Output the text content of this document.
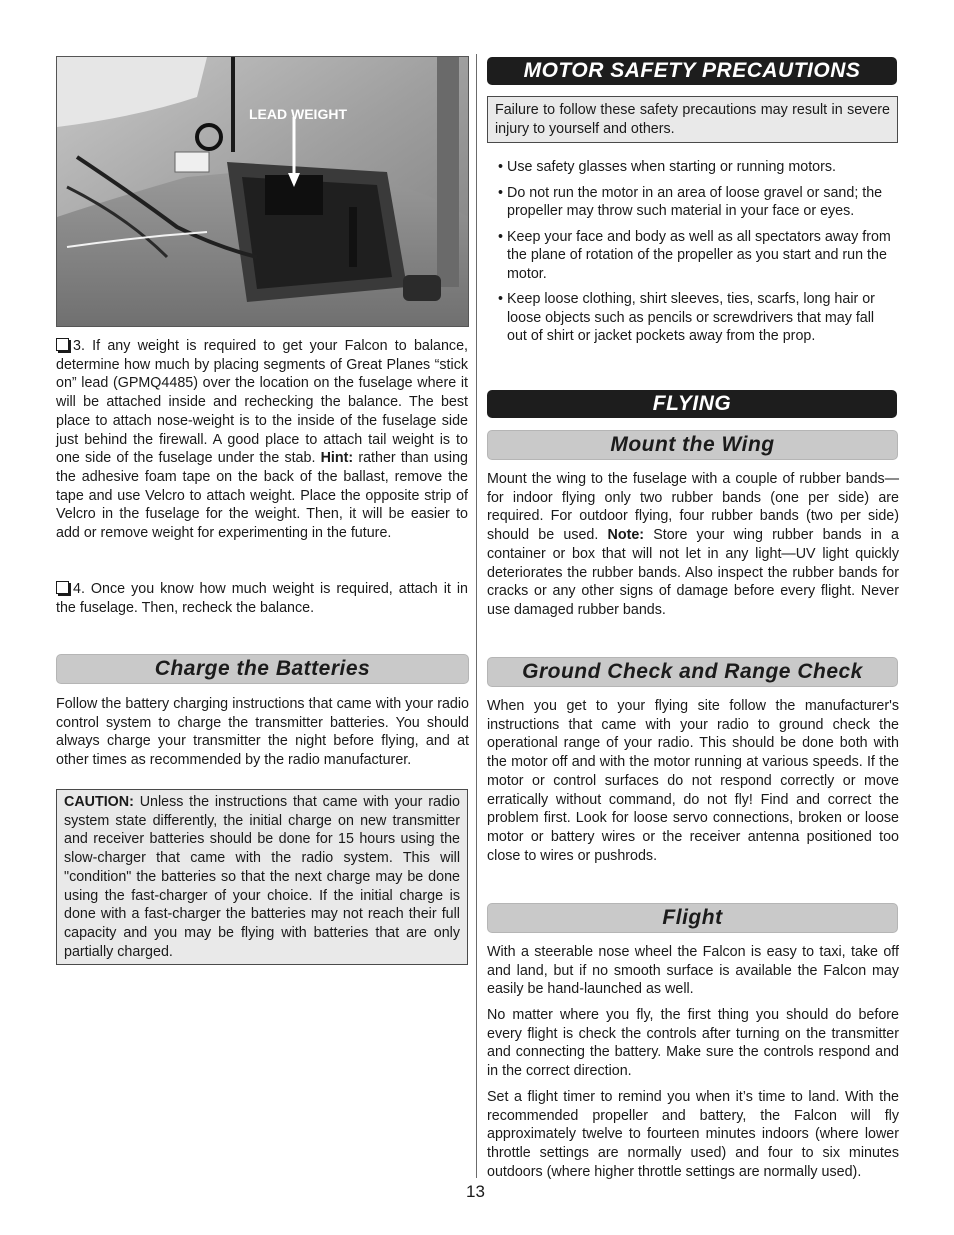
LEAD WEIGHT

3. If any weight is required to get your Falcon to balance, determine how much by placing segments of Great Planes “stick on” lead (GPMQ4485) over the location on the fuselage where it will be attached inside and rechecking the balance. The best place to attach nose-weight is to the inside of the fuselage side just behind the firewall. A good place to attach tail weight is to one side of the fuselage under the stab. Hint: rather than using the adhesive foam tape on the back of the ballast, remove the tape and use Velcro to attach weight. Place the opposite strip of Velcro in the fuselage for the weight. Then, it will be easier to add or remove weight for experimenting in the future.

4. Once you know how much weight is required, attach it in the fuselage. Then, recheck the balance.

Charge the Batteries

Follow the battery charging instructions that came with your radio control system to charge the transmitter batteries. You should always charge your transmitter the night before flying, and at other times as recommended by the radio manufacturer.

CAUTION: Unless the instructions that came with your radio system state differently, the initial charge on new transmitter and receiver batteries should be done for 15 hours using the slow-charger that came with the radio system. This will "condition" the batteries so that the next charge may be done using the fast-charger of your choice. If the initial charge is done with a fast-charger the batteries may not reach their full capacity and you may be flying with batteries that are only partially charged.

MOTOR SAFETY PRECAUTIONS

Failure to follow these safety precautions may result in severe injury to yourself and others.

• Use safety glasses when starting or running motors.
• Do not run the motor in an area of loose gravel or sand; the propeller may throw such material in your face or eyes.
• Keep your face and body as well as all spectators away from the plane of rotation of the propeller as you start and run the motor.
• Keep loose clothing, shirt sleeves, ties, scarfs, long hair or loose objects such as pencils or screwdrivers that may fall out of shirt or jacket pockets away from the prop.
FLYING
Mount the Wing

Mount the wing to the fuselage with a couple of rubber bands—for indoor flying only two rubber bands (one per side) are required. For outdoor flying, four rubber bands (two per side) should be used. Note: Store your wing rubber bands in a container or box that will not let in any light—UV light quickly deteriorates the rubber bands. Also inspect the rubber bands for cracks or any other signs of damage before every flight. Never use damaged rubber bands.

Ground Check and Range Check

When you get to your flying site follow the manufacturer's instructions that came with your radio to ground check the operational range of your radio. This should be done both with the motor off and with the motor running at various speeds. If the motor or control surfaces do not respond correctly or move erratically without command, do not fly! Find and correct the problem first. Look for loose servo connections, broken or loose motor or battery wires or the receiver antenna positioned too close to wires or pushrods.

Flight

With a steerable nose wheel the Falcon is easy to taxi, take off and land, but if no smooth surface is available the Falcon may easily be hand-launched as well.

No matter where you fly, the first thing you should do before every flight is check the controls after turning on the transmitter and connecting the battery. Make sure the controls respond and in the correct direction.

Set a flight timer to remind you when it’s time to land. With the recommended propeller and battery, the Falcon will fly approximately twelve to fourteen minutes indoors (where lower throttle settings are normally used) and four to six minutes outdoors (where higher throttle settings are normally used).

13
